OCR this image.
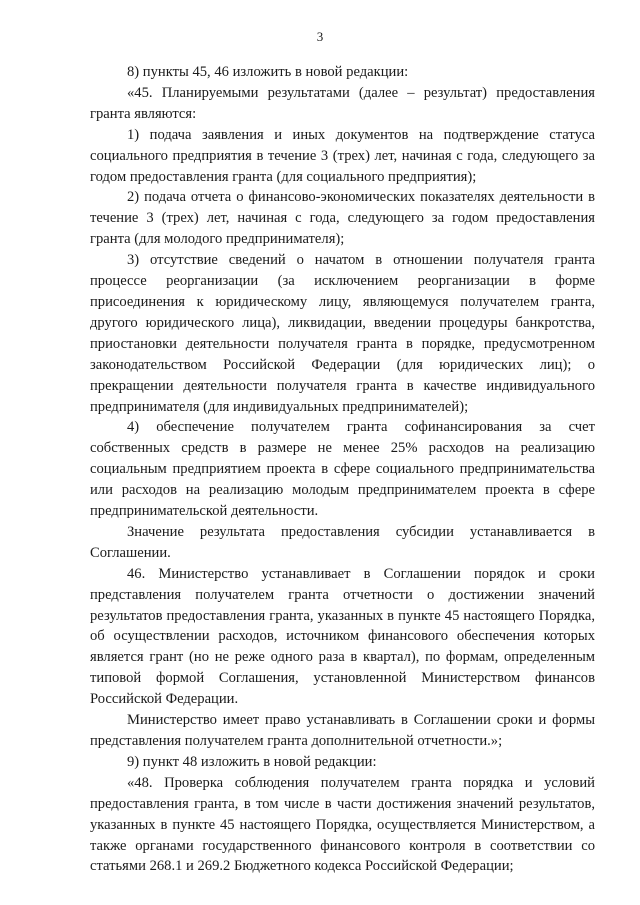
3

8) пункты 45, 46 изложить в новой редакции:

«45. Планируемыми результатами (далее – результат) предоставления гранта являются:

1) подача заявления и иных документов на подтверждение статуса социального предприятия в течение 3 (трех) лет, начиная с года, следующего за годом предоставления гранта (для социального предприятия);

2) подача отчета о финансово-экономических показателях деятельности в течение 3 (трех) лет, начиная с года, следующего за годом предоставления гранта (для молодого предпринимателя);

3) отсутствие сведений о начатом в отношении получателя гранта процессе реорганизации (за исключением реорганизации в форме присоединения к юридическому лицу, являющемуся получателем гранта, другого юридического лица), ликвидации, введении процедуры банкротства, приостановки деятельности получателя гранта в порядке, предусмотренном законодательством Российской Федерации (для юридических лиц); о прекращении деятельности получателя гранта в качестве индивидуального предпринимателя (для индивидуальных предпринимателей);

4) обеспечение получателем гранта софинансирования за счет собственных средств в размере не менее 25% расходов на реализацию социальным предприятием проекта в сфере социального предпринимательства или расходов на реализацию молодым предпринимателем проекта в сфере предпринимательской деятельности.

Значение результата предоставления субсидии устанавливается в Соглашении.

46. Министерство устанавливает в Соглашении порядок и сроки представления получателем гранта отчетности о достижении значений результатов предоставления гранта, указанных в пункте 45 настоящего Порядка, об осуществлении расходов, источником финансового обеспечения которых является грант (но не реже одного раза в квартал), по формам, определенным типовой формой Соглашения, установленной Министерством финансов Российской Федерации.

Министерство имеет право устанавливать в Соглашении сроки и формы представления получателем гранта дополнительной отчетности.»;

9) пункт 48 изложить в новой редакции:

«48. Проверка соблюдения получателем гранта порядка и условий предоставления гранта, в том числе в части достижения значений результатов, указанных в пункте 45 настоящего Порядка, осуществляется Министерством, а также органами государственного финансового контроля в соответствии со статьями 268.1 и 269.2 Бюджетного кодекса Российской Федерации;
